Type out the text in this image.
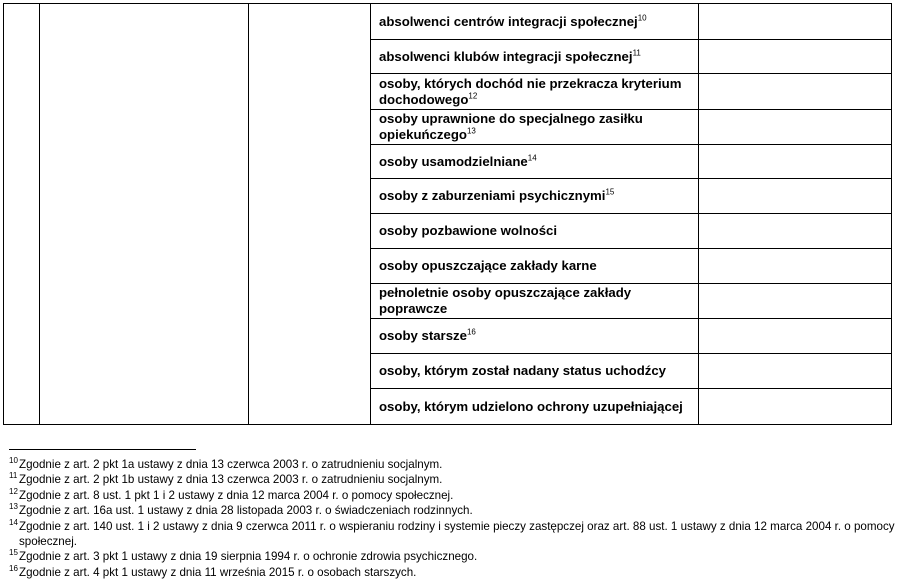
			absolwenci centrów integracji społecznej$^{10}$	
			absolwenci klubów integracji społecznej$^{11}$	
			osoby, których dochód nie przekracza kryterium dochodowego$^{12}$	
			osoby uprawnione do specjalnego zasiłku opiekuńczego$^{13}$	
			osoby usamodzielniane$^{14}$	
			osoby z zaburzeniami psychicznymi$^{15}$	
			osoby pozbawione wolności	
			osoby opuszczające zakłady karne	
			pełnoletnie osoby opuszczające zakłady poprawcze	
			osoby starsze$^{16}$	
			osoby, którym został nadany status uchodźcy	
			osoby, którym udzielono ochrony uzupełniającej	
10 Zgodnie z art. 2 pkt 1a ustawy z dnia 13 czerwca 2003 r. o zatrudnieniu socjalnym.
11 Zgodnie z art. 2 pkt 1b ustawy z dnia 13 czerwca 2003 r. o zatrudnieniu socjalnym.
12 Zgodnie z art. 8 ust. 1 pkt 1 i 2 ustawy z dnia 12 marca 2004 r. o pomocy społecznej.
13 Zgodnie z art. 16a ust. 1 ustawy z dnia 28 listopada 2003 r. o świadczeniach rodzinnych.
14 Zgodnie z art. 140 ust. 1 i 2 ustawy z dnia 9 czerwca 2011 r. o wspieraniu rodziny i systemie pieczy zastępczej oraz art. 88 ust. 1 ustawy z dnia 12 marca 2004 r. o pomocy społecznej.
15 Zgodnie z art. 3 pkt 1 ustawy z dnia 19 sierpnia 1994 r. o ochronie zdrowia psychicznego.
16 Zgodnie z art. 4 pkt 1 ustawy z dnia 11 września 2015 r. o osobach starszych.
